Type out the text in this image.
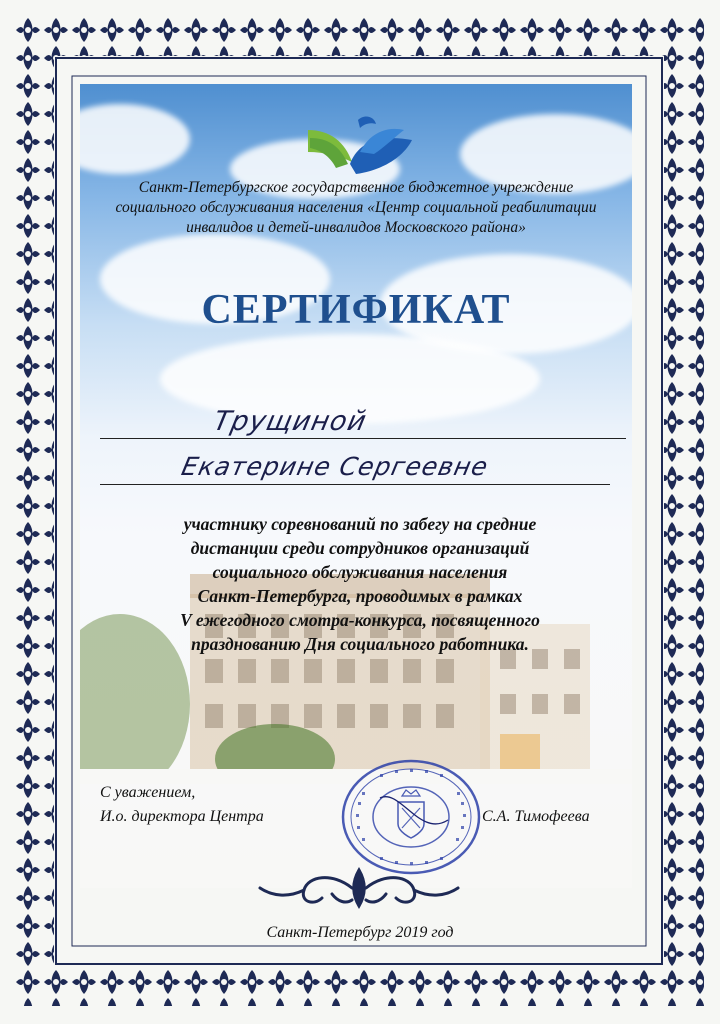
Санкт-Петербургское государственное бюджетное учреждение
социального обслуживания населения «Центр социальной реабилитации
инвалидов и детей-инвалидов Московского района»
СЕРТИФИКАТ
Трущиной
Екатерине Сергеевне
участнику соревнований по забегу на средние
дистанции среди сотрудников организаций
социального обслуживания населения
Санкт-Петербурга, проводимых в рамках
V ежегодного смотра-конкурса, посвященного
празднованию Дня социального работника.
С уважением,
И.о. директора Центра	С.А. Тимофеева
Санкт-Петербург 2019 год
